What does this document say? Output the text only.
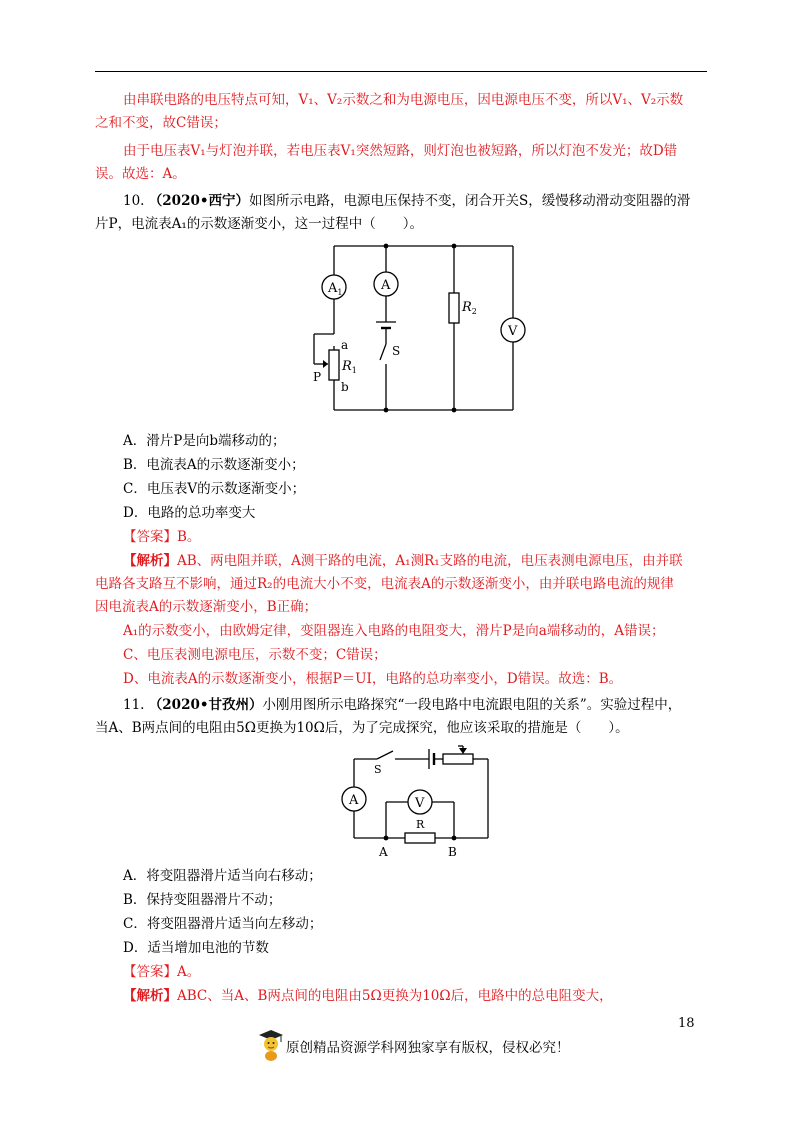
由串联电路的电压特点可知，V₁、V₂示数之和为电源电压，因电源电压不变，所以V₁、V₂示数
之和不变，故C错误；
由于电压表V₁与灯泡并联，若电压表V₁突然短路，则灯泡也被短路，所以灯泡不发光；故D错
误。故选：A。
10. （2020•西宁）如图所示电路，电源电压保持不变，闭合开关S，缓慢移动滑动变阻器的滑
片P，电流表A₁的示数逐渐变小，这一过程中（　　）。
$A_1$	A
V
$R_2$
$R_1$
a
b
P
S
A．滑片P是向b端移动的；
B．电流表A的示数逐渐变小；
C．电压表V的示数逐渐变小；
D．电路的总功率变大
【答案】B。
【解析】AB、两电阻并联，A测干路的电流，A₁测R₁支路的电流，电压表测电源电压，由并联
电路各支路互不影响，通过R₂的电流大小不变，电流表A的示数逐渐变小，由并联电路电流的规律
因电流表A的示数逐渐变小，B正确；
A₁的示数变小，由欧姆定律，变阻器连入电路的电阻变大，滑片P是向a端移动的，A错误；
C、电压表测电源电压，示数不变；C错误；
D、电流表A的示数逐渐变小，根据P＝UI，电路的总功率变小，D错误。故选：B。
11. （2020•甘孜州）小刚用图所示电路探究“一段电路中电流跟电阻的关系”。实验过程中，
当A、B两点间的电阻由5Ω更换为10Ω后，为了完成探究，他应该采取的措施是（　　）。
S
A	V
R
A	B
A．将变阻器滑片适当向右移动；
B．保持变阻器滑片不动；
C．将变阻器滑片适当向左移动；
D．适当增加电池的节数
【答案】A。
【解析】ABC、当A、B两点间的电阻由5Ω更换为10Ω后，电路中的总电阻变大，
18
原创精品资源学科网独家享有版权，侵权必究！
